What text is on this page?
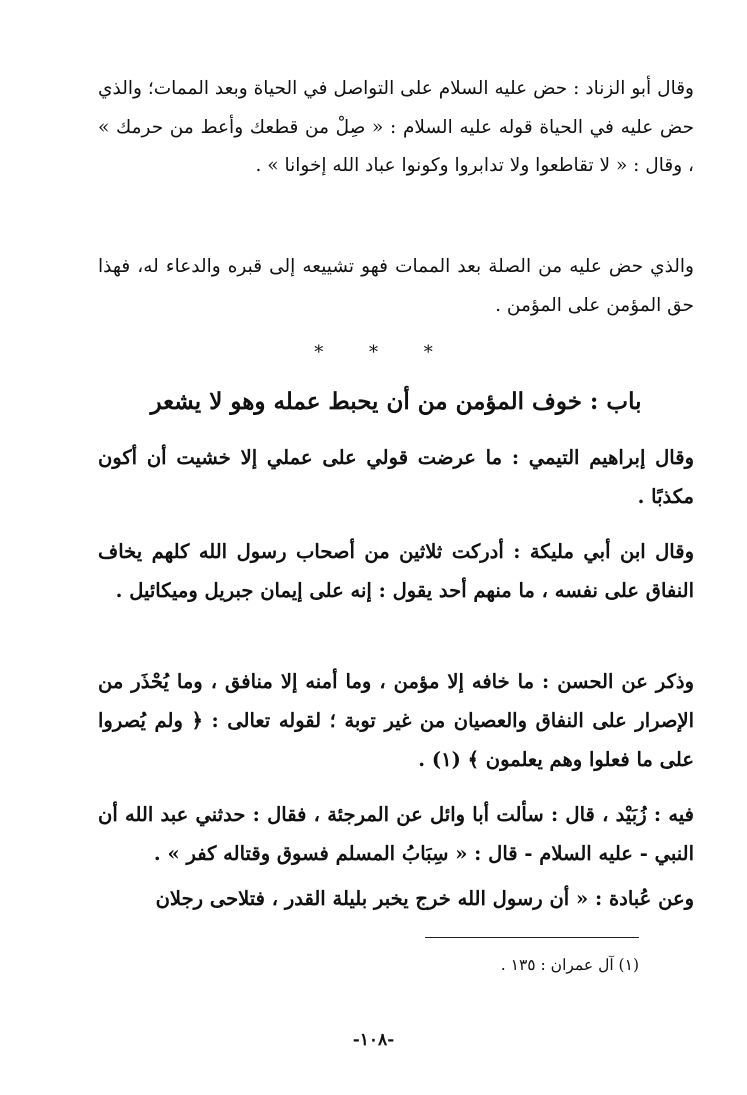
وقال أبو الزناد : حض عليه السلام على التواصل في الحياة وبعد الممات؛ والذي حض عليه في الحياة قوله عليه السلام : « صِلْ من قطعك وأعط من حرمك » ، وقال : « لا تقاطعوا ولا تدابروا وكونوا عباد الله إخوانا » .

والذي حض عليه من الصلة بعد الممات فهو تشييعه إلى قبره والدعاء له، فهذا حق المؤمن على المؤمن .

* * *
باب : خوف المؤمن من أن يحبط عمله وهو لا يشعر

وقال إبراهيم التيمي : ما عرضت قولي على عملي إلا خشيت أن أكون مكذبًا .

وقال ابن أبي مليكة : أدركت ثلاثين من أصحاب رسول الله كلهم يخاف النفاق على نفسه ، ما منهم أحد يقول : إنه على إيمان جبريل وميكائيل .

وذكر عن الحسن : ما خافه إلا مؤمن ، وما أمنه إلا منافق ، وما يُحْذَر من الإصرار على النفاق والعصيان من غير توبة ؛ لقوله تعالى : ﴿ ولم يُصروا على ما فعلوا وهم يعلمون ﴾ (١) .

فيه : زُبَيْد ، قال : سألت أبا وائل عن المرجئة ، فقال : حدثني عبد الله أن النبي - عليه السلام - قال : « سِبَابُ المسلم فسوق وقتاله كفر » .

وعن عُبادة : « أن رسول الله خرج يخبر بليلة القدر ، فتلاحى رجلان

(١) آل عمران : ١٣٥ .
-١٠٨-
